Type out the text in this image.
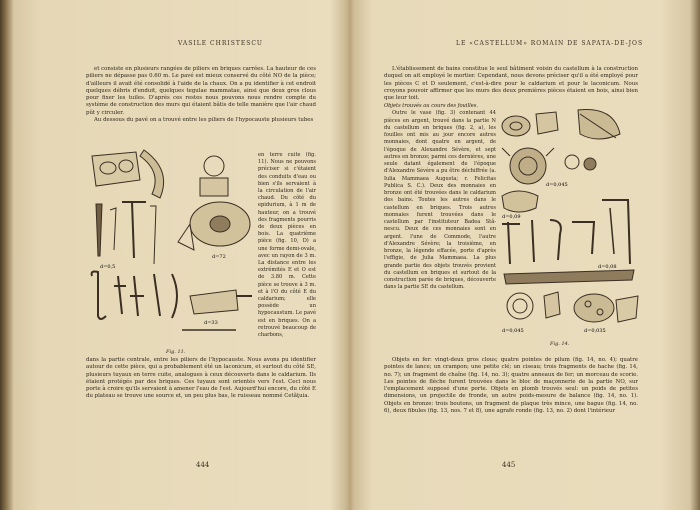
VASILE CHRISTESCU

et consiste en plusieurs rangées de piliers en briques carrées. La hauteur de ces piliers ne dépasse pas 0.60 m. Le pavé est mieux conservé du côté NO de la pièce; d'ailleurs il avait été consolidé à l'aide de la chaux. On a pu identifier à cet endroit quelques débris d'enduit, quelques tegulae mammatae, ainsi que deux gros clous pour fixer les tuiles. D'après ces restes nous pouvons nous rendre compte du système de construction des murs qui étaient bâtis de telle manière que l'air chaud pût y circuler.

Au dessous du pavé on a trouvé entre les piliers de l'hypocauste plusieurs tubes

d=72
d=0,5
d=33
Fig. 11.
en terre cuite (fig. 11). Nous ne pouvons préciser si c'étaient des conduits d'eau ou bien s'ils servaient à la circulation de l'air chaud. Du côté du epidurium, à 1 m de hauteur, on a trouvé des fragments pourris de deux pièces en bois. La quatrième pièce (fig. 10, D) a une forme demi-ovale, avec un rayon de 3 m. La distance entre les extrémités E et O est de 3.80 m. Cette pièce se trouve à 3 m. et à l'O du côté E du caldarium; elle possède un hypocaustum. Le pavé est en briques. On a retrouvé beaucoup de charbons,

dans la partie centrale, entre les piliers de l'hypocauste. Nous avons pu identifier autour de cette pièce, qui a probablement été un laconicum, et surtout du côté SE, plusieurs tuyaux en terre cuite, analogues à ceux découverts dans le caldarium. Ils étaient protégés par des briques. Ces tuyaux sont orientés vers l'est. Ceci nous porte à croire qu'ils servaient à amener l'eau de l'est. Aujourd'hui encore, du côté E du plateau se trouve une source et, un peu plus bas, le ruisseau nommé Cetăţuia.

444
LE «CASTELLUM» ROMAIN DE SAPATA-DE-JOS

L'établissement de bains constitue le seul bâtiment voisin du castellum à la construction duquel on ait employé le mortier. Cependant, nous devons préciser qu'il a été employé pour les pièces C et D seulement, c'est-à-dire pour le caldarium et pour le laconicum. Nous croyons pouvoir affirmer que les murs des deux premières pièces étaient en bois, ainsi bien que leur toit.

Objets trouvés au cours des fouilles.

Outre le vase (fig. 3) contenant 44 pièces en argent, trouvé dans la partie N du castellum en briques (fig. 2, a), les fouilles ont mis au jour encore autres monnaies, dont quatre en argent, de l'époque de Alexandre Sévère, et sept autres en bronze; parmi ces dernières, une seule datant également de l'époque d'Alexandre Sévère a pu être déchiffrée (a. Iulia Mammaea Augusta; r. Felicitas Publica S. C.). Deux des monnaies en bronze ont été trouvées dans le caldarium des bains. Toutes les autres dans le castellum en briques. Trois autres monnaies furent trouvées dans le castellum par l'instituteur Badea Stă-nescu. Deux de ces monnaies sont en argent. l'une de Commode, l'autre d'Alexandre Sévère; la troisième, en bronze, la légende effacée, porte d'après l'effigie, de Julia Mammaea. La plus grande partie des objets trouvés provient du castellum en briques et surtout de la construction parée de briques, découverte dans la partie SE du castellum.

d=0,045
d=0,09
d=0,08
d=0,045	d=0,035
Fig. 14.

Objets en fer: vingt-deux gros clous; quatre pointes de pilum (fig. 14, no. 4); quatre pointes de lance; un crampon; une petite clé; un ciseau; trois fragments de hache (fig. 14, no. 7); un fragment de chaîne (fig. 14, no. 3); quatre anneaux de fer; un morceau de scorie. Les pointes de flèche furent trouvées dans le bloc de maçonnerie de la partie NO, sur l'emplacement supposé d'une porte. Objets en plomb trouvés seul: un poids de petites dimensions, un projectile de fronde, un autre poids-mesure de balance (fig. 14, no. 1). Objets en bronze: trois boutons, un fragment de plaque très mince, une bague (fig. 14, no. 6), deux fibules (fig. 13, nos. 7 et 8), une agrafe ronde (fig. 13, no. 2) dont l'intérieur

445
